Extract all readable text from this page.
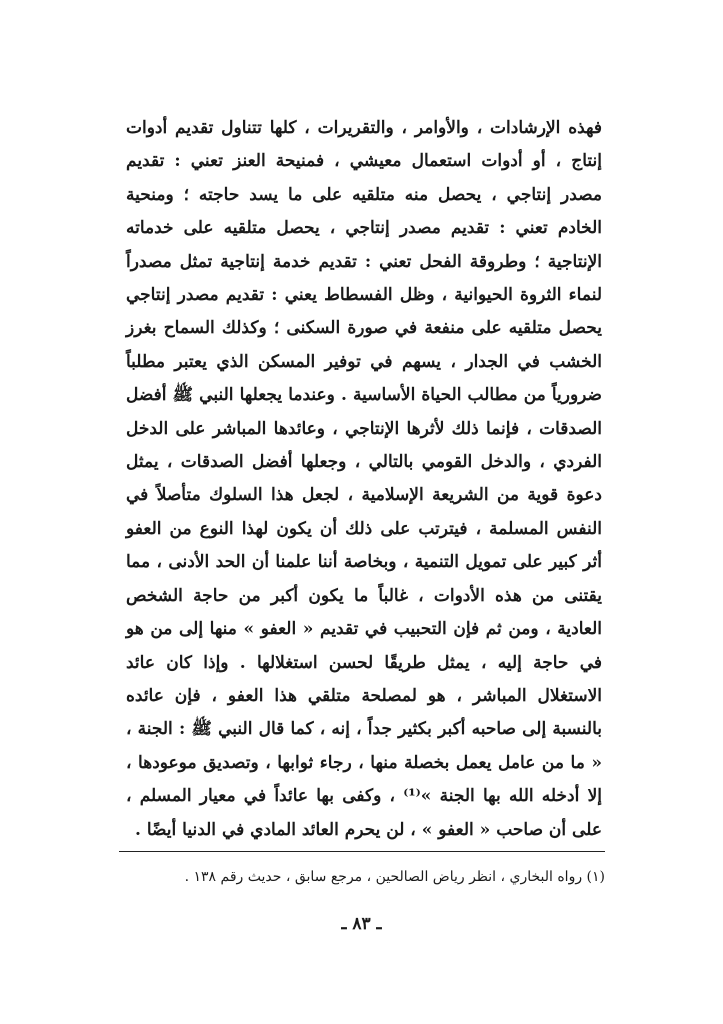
فهذه الإرشادات ، والأوامر ، والتقريرات ، كلها تتناول تقديم أدوات إنتاج ، أو أدوات استعمال معيشي ، فمنيحة العنز تعني : تقديم مصدر إنتاجي ، يحصل منه متلقيه على ما يسد حاجته ؛ ومنحية الخادم تعني : تقديم مصدر إنتاجي ، يحصل متلقيه على خدماته الإنتاجية ؛ وطروقة الفحل تعني : تقديم خدمة إنتاجية تمثل مصدراً لنماء الثروة الحيوانية ، وظل الفسطاط يعني : تقديم مصدر إنتاجي يحصل متلقيه على منفعة في صورة السكنى ؛ وكذلك السماح بغرز الخشب في الجدار ، يسهم في توفير المسكن الذي يعتبر مطلباً ضرورياً من مطالب الحياة الأساسية . وعندما يجعلها النبي ﷺ أفضل الصدقات ، فإنما ذلك لأثرها الإنتاجي ، وعائدها المباشر على الدخل الفردي ، والدخل القومي بالتالي ، وجعلها أفضل الصدقات ، يمثل دعوة قوية من الشريعة الإسلامية ، لجعل هذا السلوك متأصلاً في النفس المسلمة ، فيترتب على ذلك أن يكون لهذا النوع من العفو أثر كبير على تمويل التنمية ، وبخاصة أننا علمنا أن الحد الأدنى ، مما يقتنى من هذه الأدوات ، غالباً ما يكون أكبر من حاجة الشخص العادية ، ومن ثم فإن التحبيب في تقديم « العفو » منها إلى من هو في حاجة إليه ، يمثل طريقًا لحسن استغلالها . وإذا كان عائد الاستغلال المباشر ، هو لمصلحة متلقي هذا العفو ، فإن عائده بالنسبة إلى صاحبه أكبر بكثير جداً ، إنه ، كما قال النبي ﷺ : الجنة ، « ما من عامل يعمل بخصلة منها ، رجاء ثوابها ، وتصديق موعودها ، إلا أدخله الله بها الجنة »⁽¹⁾ ، وكفى بها عائداً في معيار المسلم ، على أن صاحب « العفو » ، لن يحرم العائد المادي في الدنيا أيضًا .

(١) رواه البخاري ، انظر رياض الصالحين ، مرجع سابق ، حديث رقم ١٣٨ .
ـ ٨٣ ـ
